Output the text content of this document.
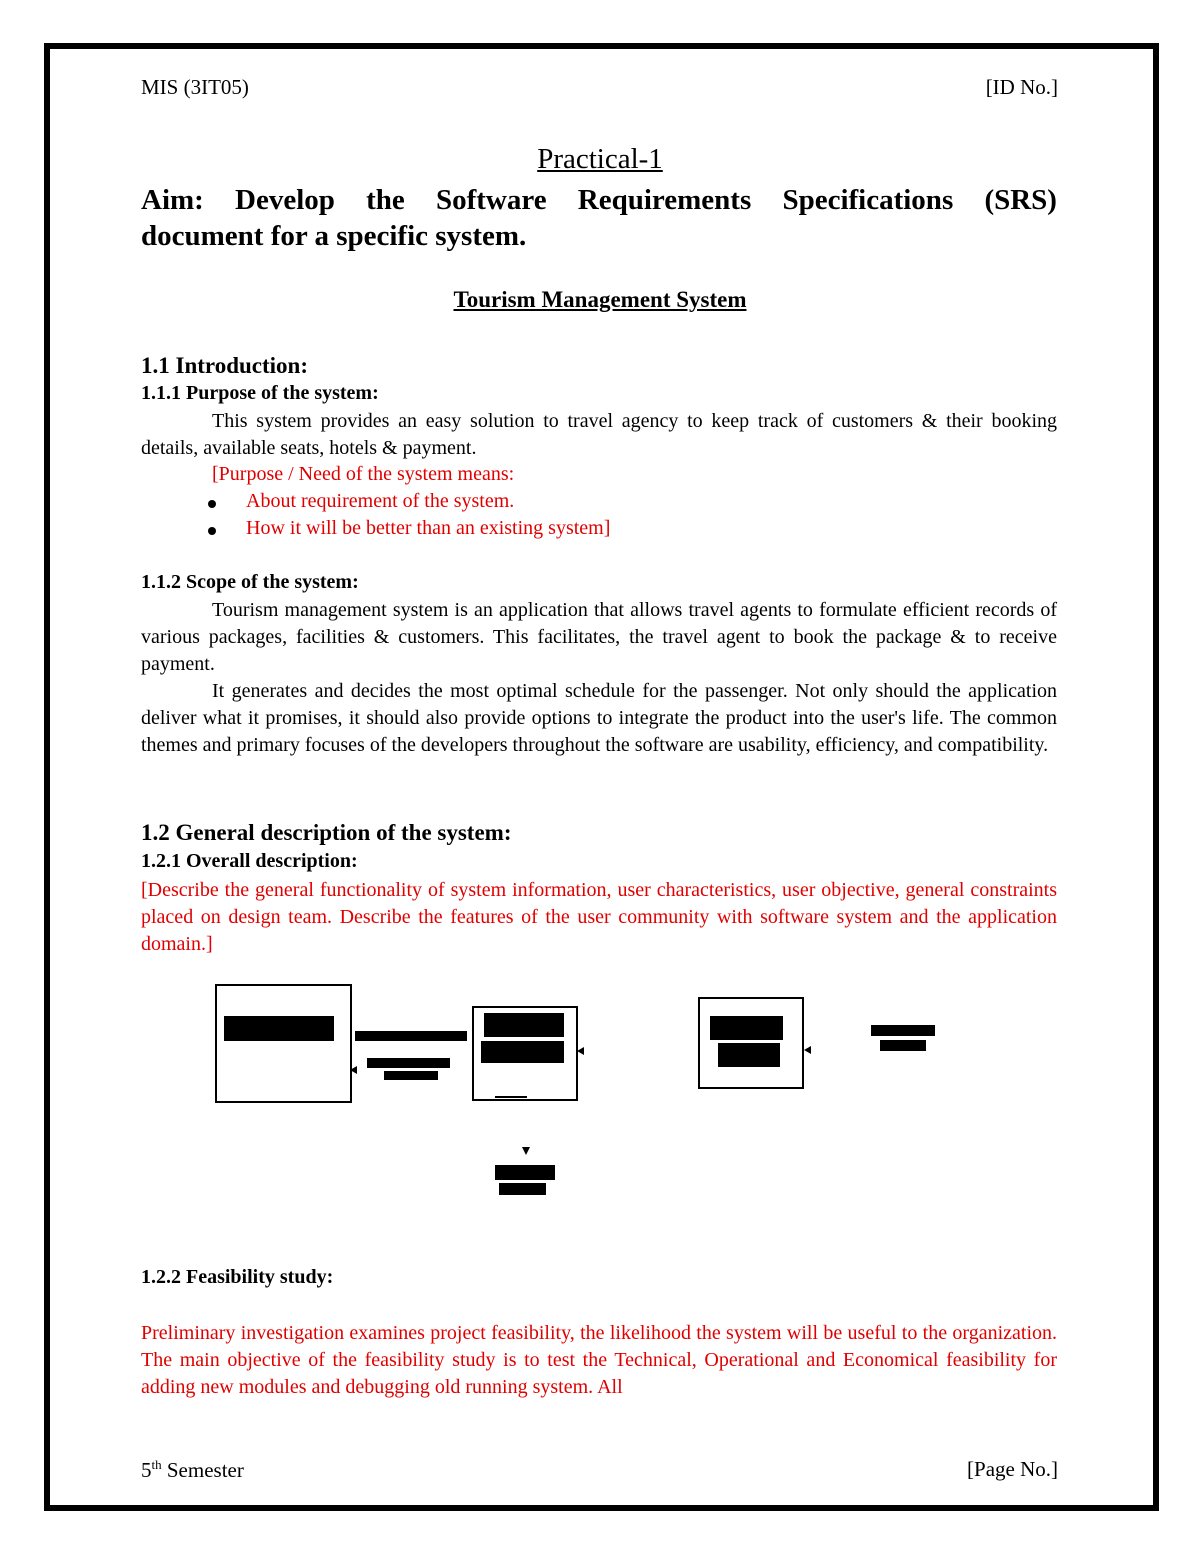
MIS (3IT05)	[ID No.]
Practical-1
Aim: Develop the Software Requirements Specifications (SRS)
document for a specific system.
Tourism Management System
1.1 Introduction:
1.1.1 Purpose of the system:
This system provides an easy solution to travel agency to keep track of customers & their booking details, available seats, hotels & payment.
[Purpose / Need of the system means:
About requirement of the system.
How it will be better than an existing system]
1.1.2 Scope of the system:
Tourism management system is an application that allows travel agents to formulate efficient records of various packages, facilities & customers. This facilitates, the travel agent to book the package & to receive payment.
It generates and decides the most optimal schedule for the passenger. Not only should the application deliver what it promises, it should also provide options to integrate the product into the user's life. The common themes and primary focuses of the developers throughout the software are usability, efficiency, and compatibility.
1.2 General description of the system:
1.2.1 Overall description:
[Describe the general functionality of system information, user characteristics, user objective, general constraints placed on design team. Describe the features of the user community with software system and the application domain.]
1.2.2 Feasibility study:
Preliminary investigation examines project feasibility, the likelihood the system will be useful to the organization. The main objective of the feasibility study is to test the Technical, Operational and Economical feasibility for adding new modules and debugging old running system. All
5th Semester	[Page No.]
